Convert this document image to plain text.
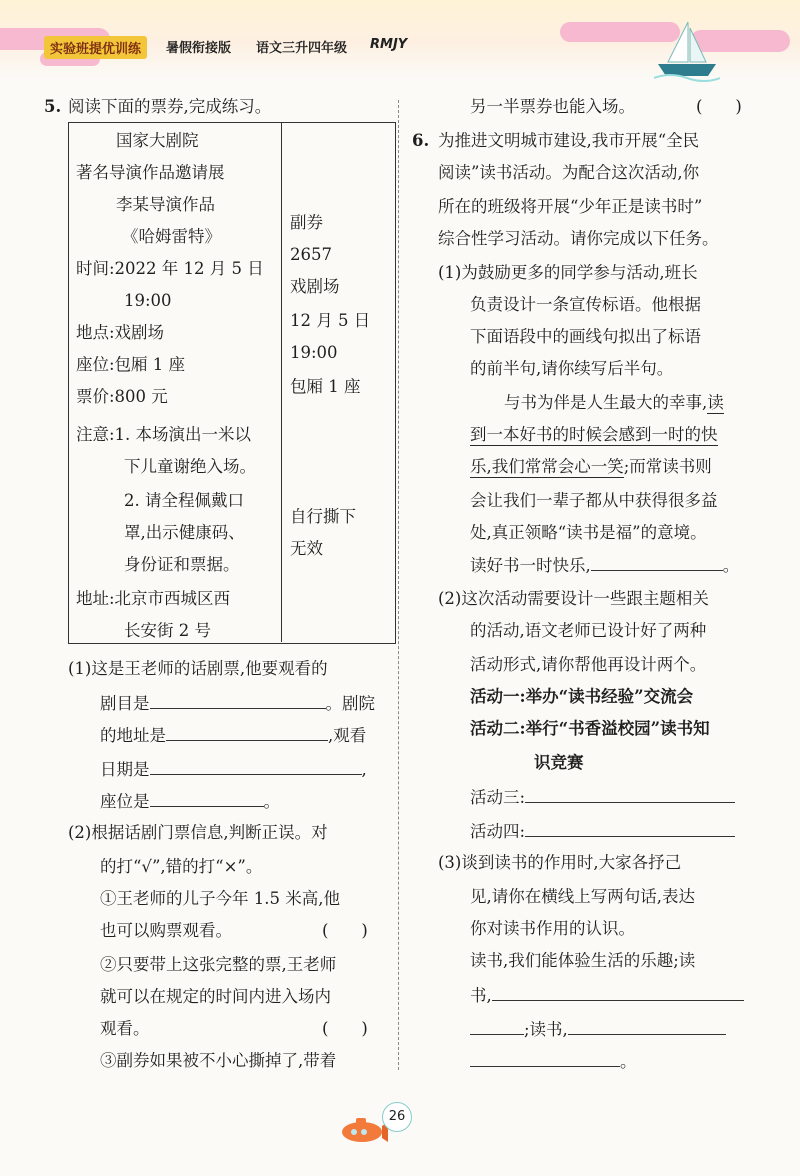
实验班提优训练	暑假衔接版 语文三升四年级 RMJY
5. 阅读下面的票券,完成练习。
国家大剧院
著名导演作品邀请展
李某导演作品
《哈姆雷特》
时间:2022 年 12 月 5 日
19:00
地点:戏剧场
座位:包厢 1 座
票价:800 元
注意:1. 本场演出一米以
下儿童谢绝入场。
2. 请全程佩戴口
罩,出示健康码、
身份证和票据。
地址:北京市西城区西
长安街 2 号
副券
2657
戏剧场
12 月 5 日
19:00
包厢 1 座
自行撕下
无效
(1)这是王老师的话剧票,他要观看的
剧目是	。剧院
的地址是	,观看
日期是	,
座位是	。
(2)根据话剧门票信息,判断正误。对
的打“√”,错的打“×”。
①王老师的儿子今年 1.5 米高,他
也可以购票观看。	(　　)
②只要带上这张完整的票,王老师
就可以在规定的时间内进入场内
观看。	(　　)
③副券如果被不小心撕掉了,带着
另一半票券也能入场。	(　　)
6. 为推进文明城市建设,我市开展“全民
阅读”读书活动。为配合这次活动,你
所在的班级将开展“少年正是读书时”
综合性学习活动。请你完成以下任务。
(1)为鼓励更多的同学参与活动,班长
负责设计一条宣传标语。他根据
下面语段中的画线句拟出了标语
的前半句,请你续写后半句。
与书为伴是人生最大的幸事,读
到一本好书的时候会感到一时的快
乐,我们常常会心一笑;而常读书则
会让我们一辈子都从中获得很多益
处,真正领略“读书是福”的意境。
读好书一时快乐,	。
(2)这次活动需要设计一些跟主题相关
的活动,语文老师已设计好了两种
活动形式,请你帮他再设计两个。
活动一:举办“读书经验”交流会
活动二:举行“书香溢校园”读书知
识竞赛
活动三:
活动四:
(3)谈到读书的作用时,大家各抒己
见,请你在横线上写两句话,表达
你对读书作用的认识。
读书,我们能体验生活的乐趣;读
书,
;读书,
。
26
